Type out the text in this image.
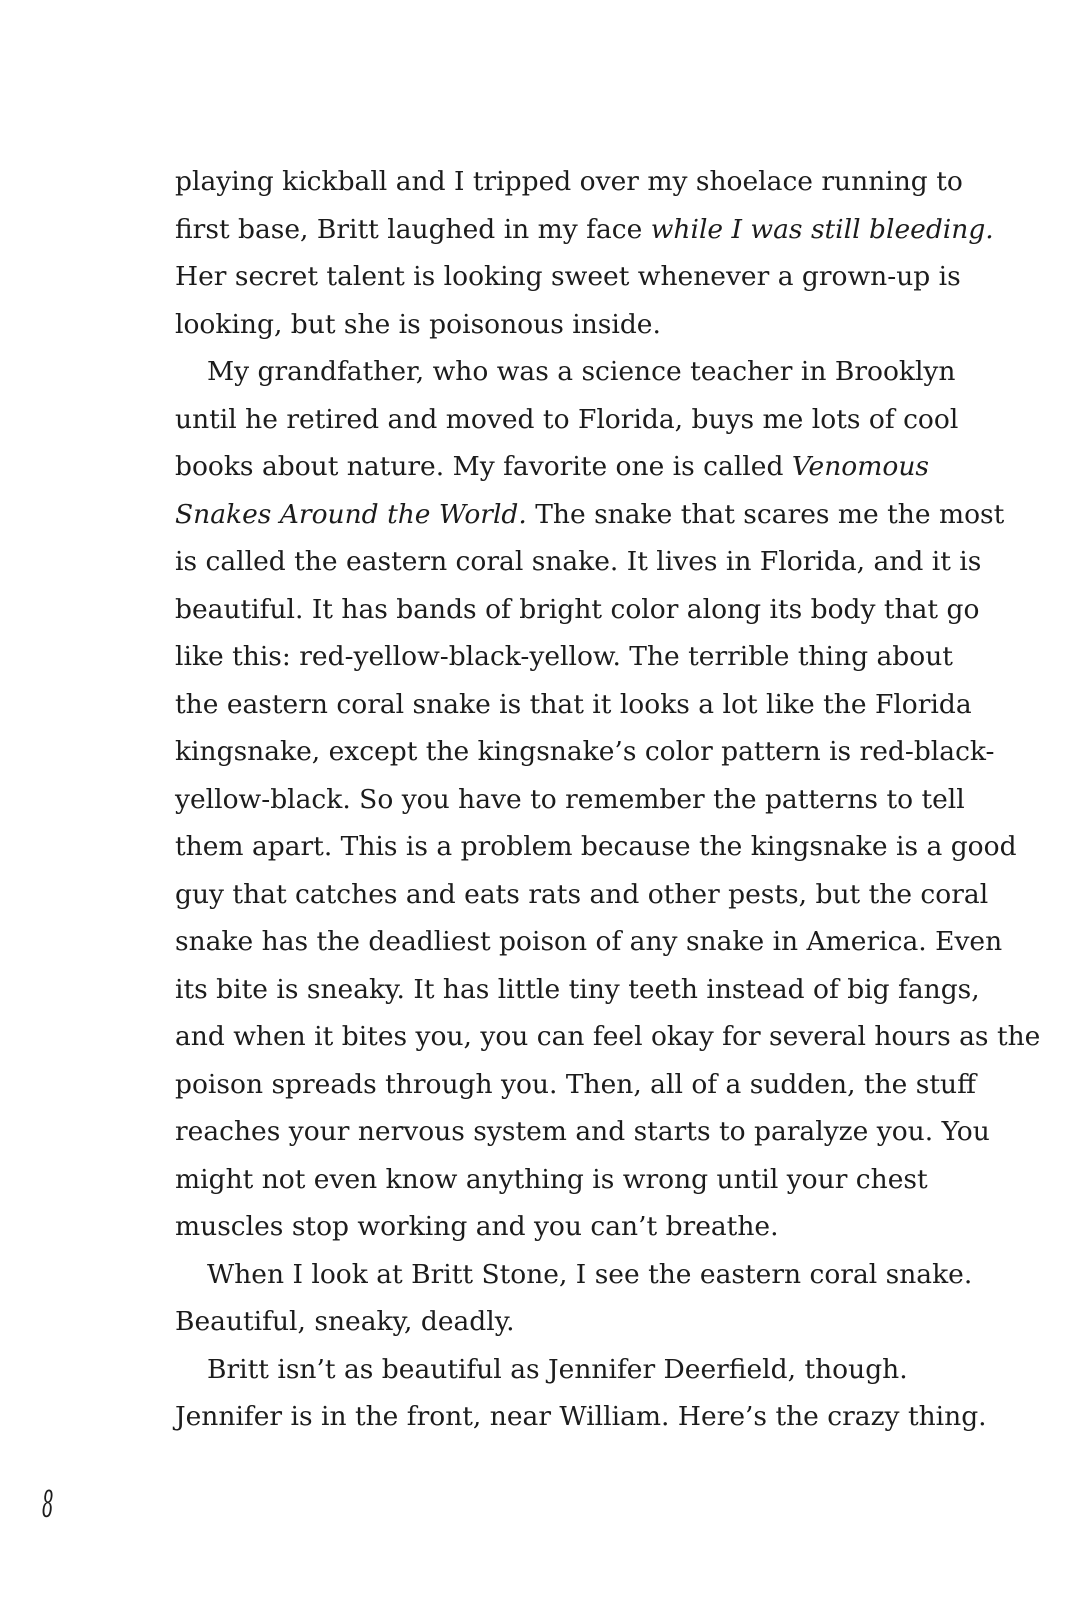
playing kickball and I tripped over my shoelace running to
first base, Britt laughed in my face while I was still bleeding.
Her secret talent is looking sweet whenever a grown-up is
looking, but she is poisonous inside.
My grandfather, who was a science teacher in Brooklyn
until he retired and moved to Florida, buys me lots of cool
books about nature. My favorite one is called Venomous
Snakes Around the World. The snake that scares me the most
is called the eastern coral snake. It lives in Florida, and it is
beautiful. It has bands of bright color along its body that go
like this: red-yellow-black-yellow. The terrible thing about
the eastern coral snake is that it looks a lot like the Florida
kingsnake, except the kingsnake’s color pattern is red-black-
yellow-black. So you have to remember the patterns to tell
them apart. This is a problem because the kingsnake is a good
guy that catches and eats rats and other pests, but the coral
snake has the deadliest poison of any snake in America. Even
its bite is sneaky. It has little tiny teeth instead of big fangs,
and when it bites you, you can feel okay for several hours as the
poison spreads through you. Then, all of a sudden, the stuff
reaches your nervous system and starts to paralyze you. You
might not even know anything is wrong until your chest
muscles stop working and you can’t breathe.
When I look at Britt Stone, I see the eastern coral snake.
Beautiful, sneaky, deadly.
Britt isn’t as beautiful as Jennifer Deerfield, though.
Jennifer is in the front, near William. Here’s the crazy thing.
8
